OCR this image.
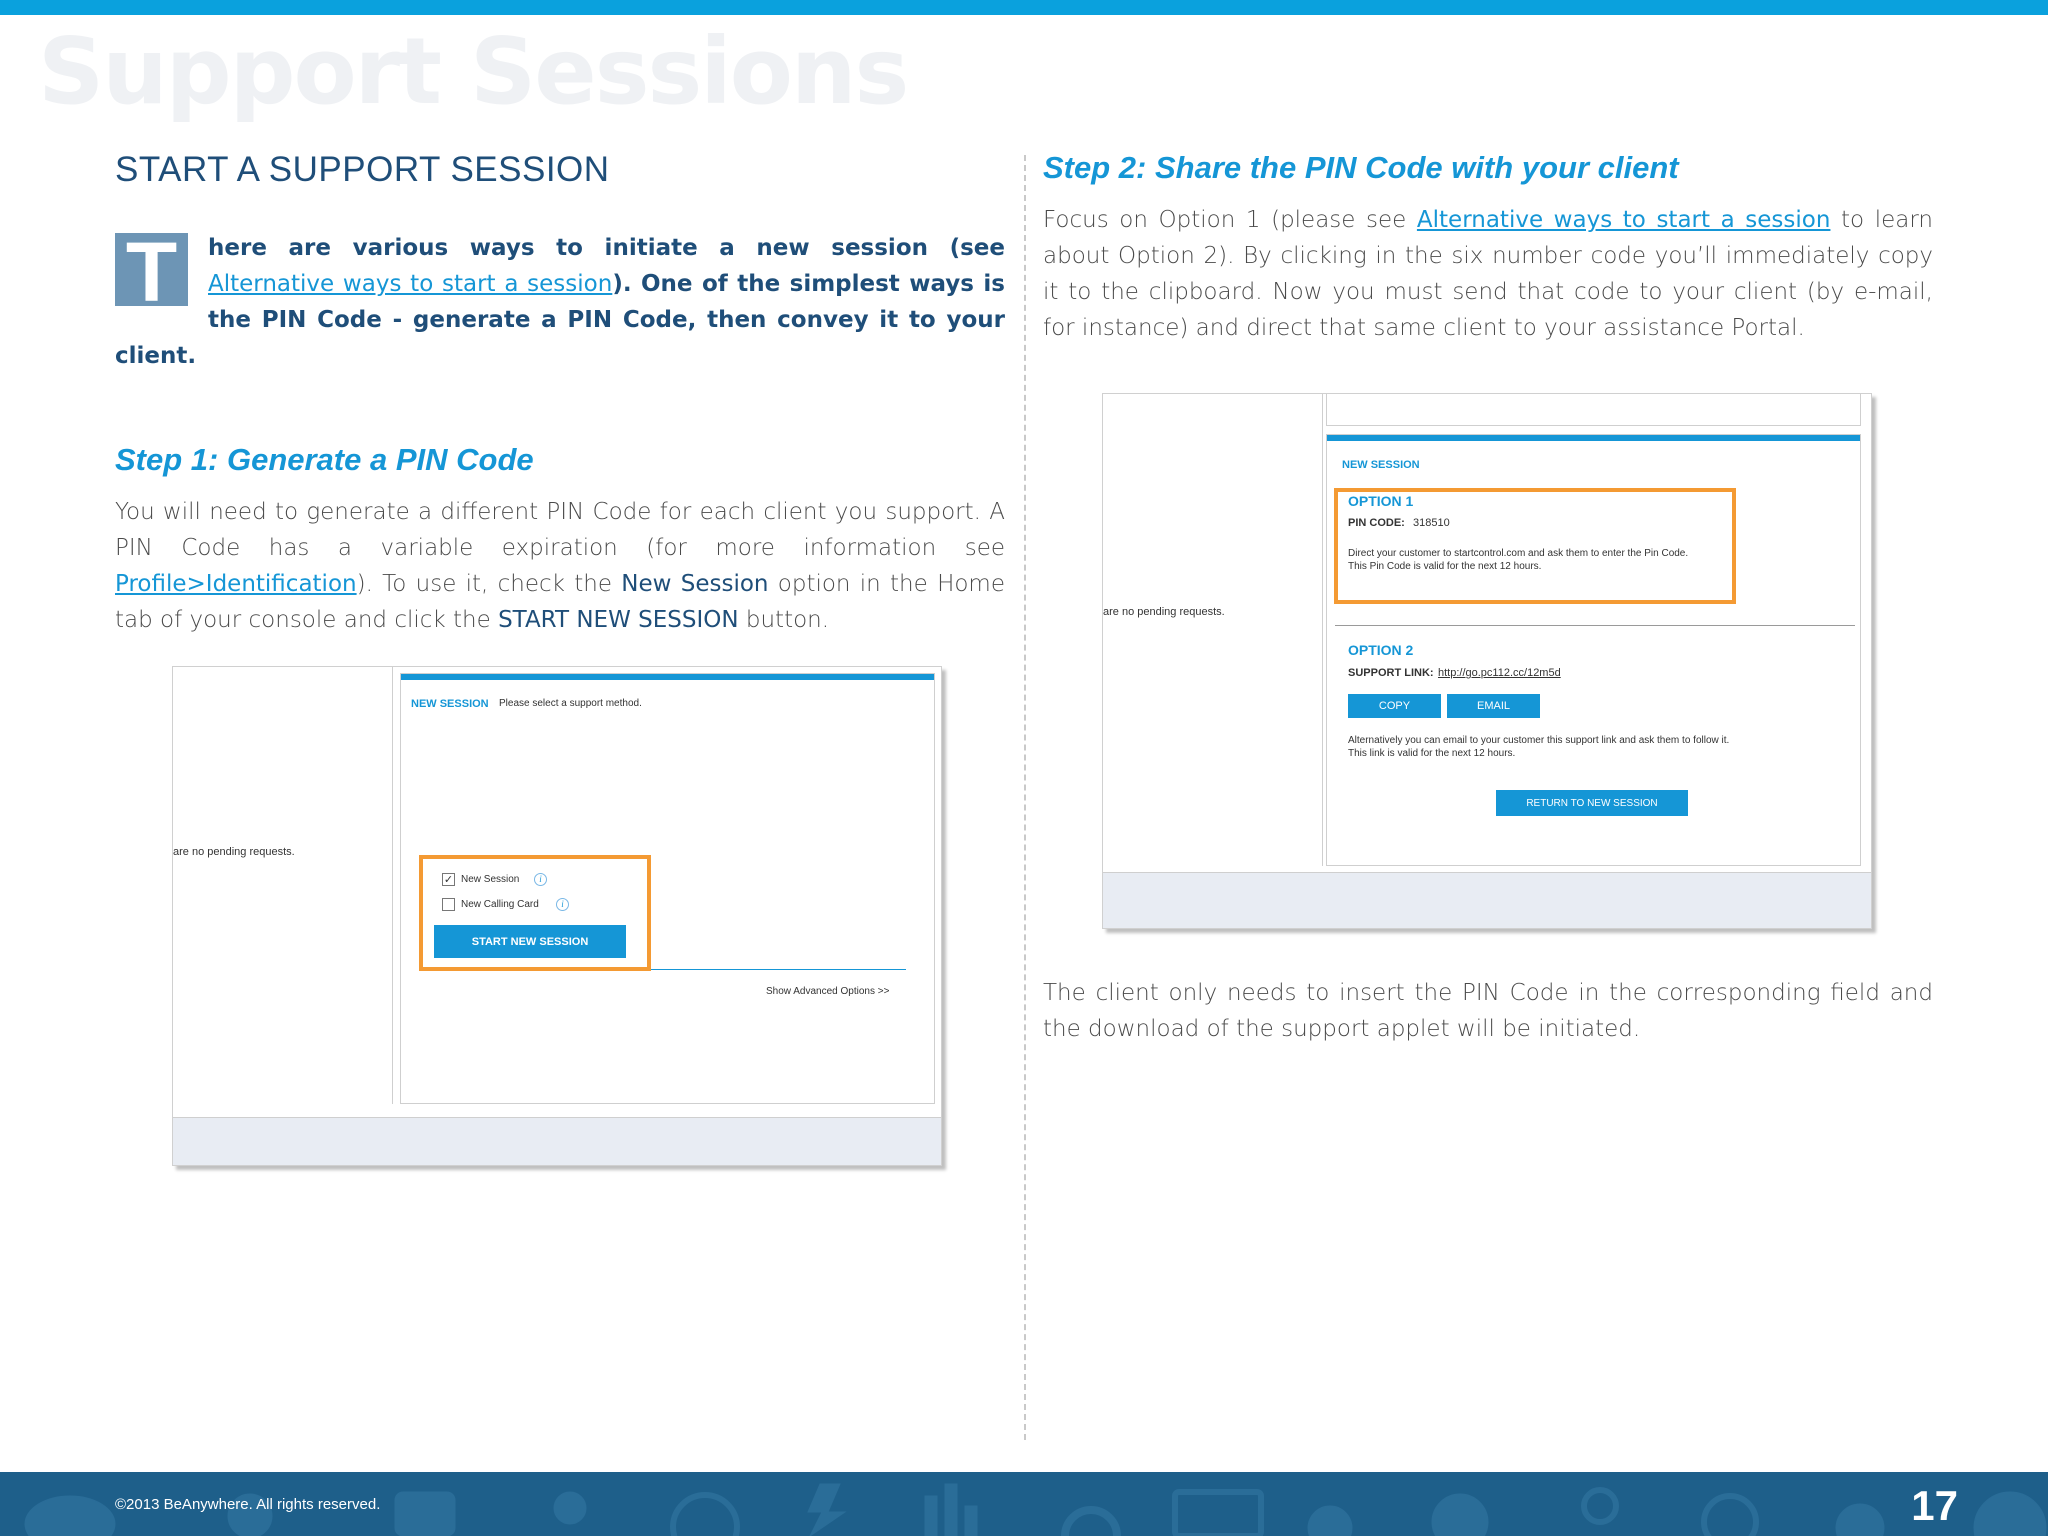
Support Sessions
START A SUPPORT SESSION
T	here are various ways to initiate a new session (see Alternative ways to start a session). One of the simplest ways is the PIN Code - generate a PIN Code, then convey it to your client.
Step 1: Generate a PIN Code
You will need to generate a different PIN Code for each client you support. A PIN Code has a variable expiration (for more information see Profile>Identification). To use it, check the New Session option in the Home tab of your console and click the START NEW SESSION button.
are no pending requests.
NEW SESSION Please select a support method.
✓ New Session	i
New Calling Card	i
START NEW SESSION
Show Advanced Options >>
Step 2: Share the PIN Code with your client
Focus on Option 1 (please see Alternative ways to start a session to learn about Option 2). By clicking in the six number code you’ll immediately copy it to the clipboard. Now you must send that code to your client (by e-mail, for instance) and direct that same client to your assistance Portal.
are no pending requests.
NEW SESSION
OPTION 1
PIN CODE: 318510
Direct your customer to startcontrol.com and ask them to enter the Pin Code.
This Pin Code is valid for the next 12 hours.
OPTION 2
SUPPORT LINK: http://go.pc112.cc/12m5d
COPY	EMAIL
Alternatively you can email to your customer this support link and ask them to follow it.
This link is valid for the next 12 hours.
RETURN TO NEW SESSION
The client only needs to insert the PIN Code in the corresponding field and the download of the support applet will be initiated.
©2013 BeAnywhere. All rights reserved.	17
